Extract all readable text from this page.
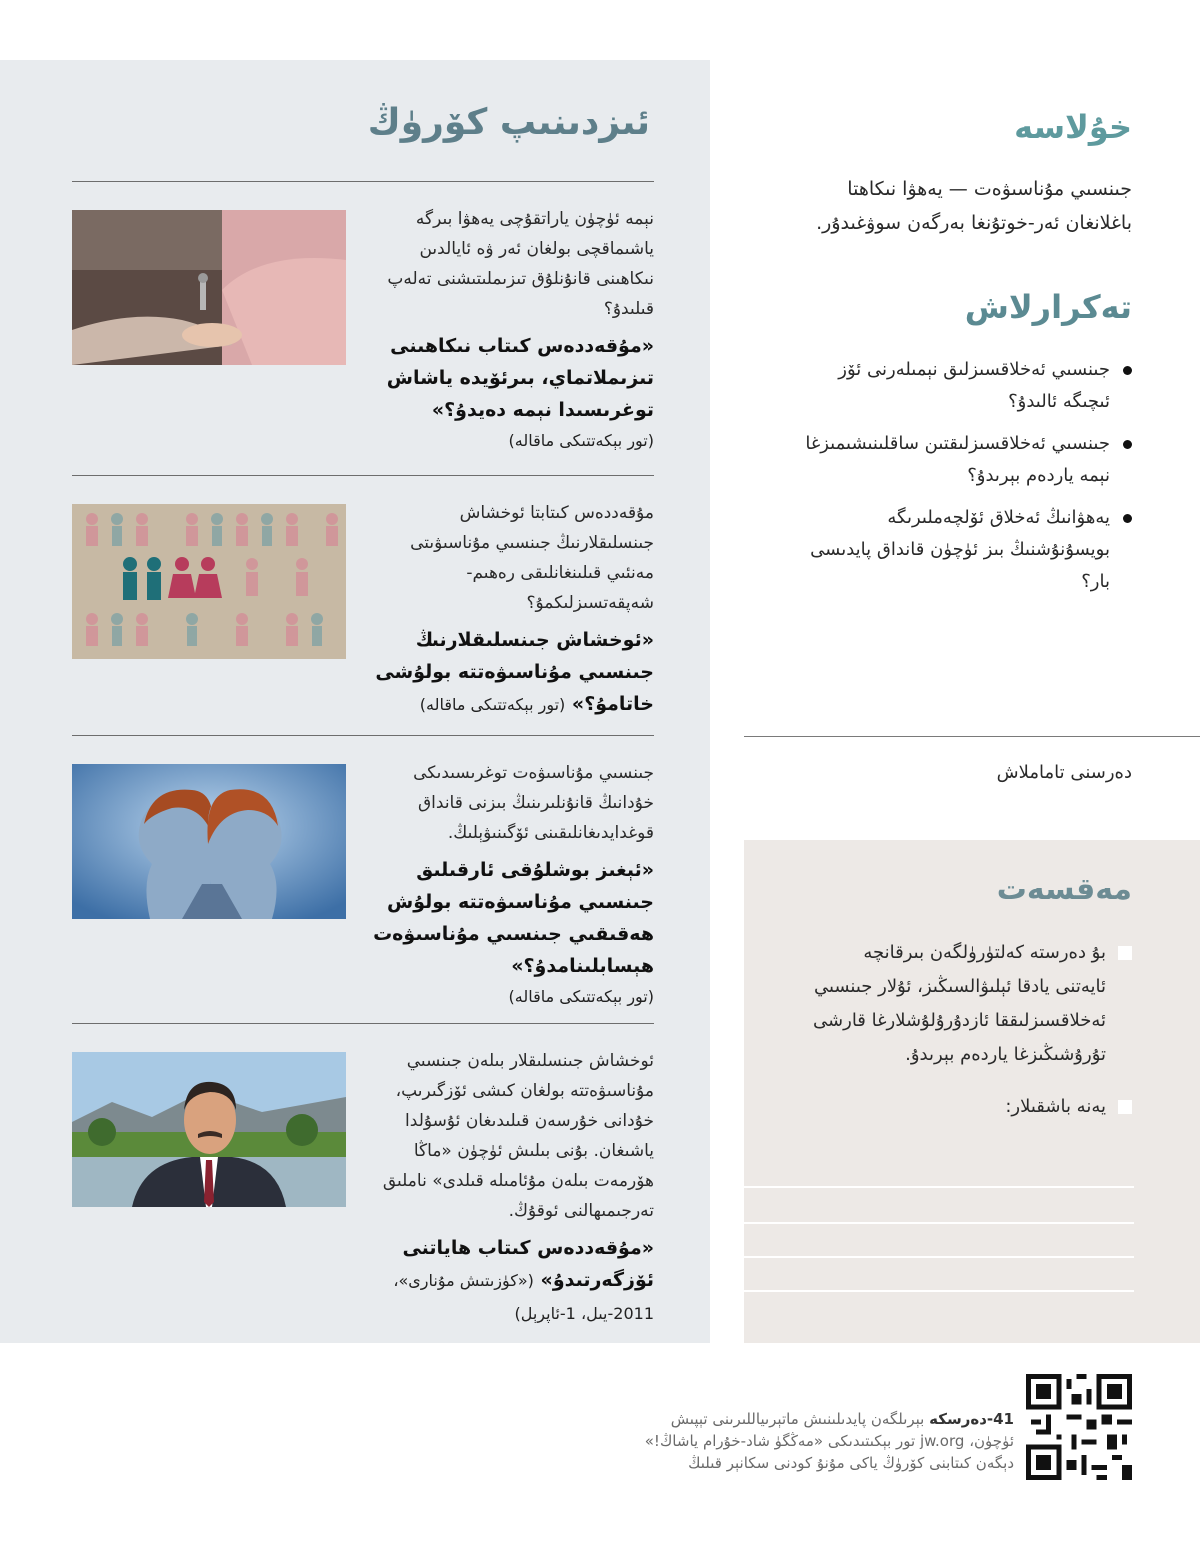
ئىزدىنىپ كۆرۈڭ

نېمە ئۈچۈن ياراتقۇچى يەھۋا بىرگە ياشىماقچى بولغان ئەر ۋە ئايالدىن نىكاھىنى قانۇنلۇق تىزىملىتىشنى تەلەپ قىلىدۇ؟

«مۇقەددەس كىتاب نىكاھىنى تىزىملاتماي، بىرئۆيدە ياشاش توغرىسىدا نېمە دەيدۇ؟»

(تور بېكەتتىكى ماقالە)

مۇقەددەس كىتابتا ئوخشاش جىنسلىقلارنىڭ جىنسىي مۇناسىۋىتى مەنئىي قىلىنغانلىقى رەھىم-شەپقەتسىزلىكمۇ؟

«ئوخشاش جىنسلىقلارنىڭ جىنسىي مۇناسىۋەتتە بولۇشى خاتامۇ؟» (تور بېكەتتىكى ماقالە)

جىنسىي مۇناسىۋەت توغرىسىدىكى خۇدانىڭ قانۇنلىرىنىڭ بىزنى قانداق قوغدايدىغانلىقىنى ئۆگىنىۋېلىڭ.

«ئېغىز بوشلۇقى ئارقىلىق جىنسىي مۇناسىۋەتتە بولۇش ھەقىقىي جىنسىي مۇناسىۋەت ھېسابلىنامدۇ؟»

(تور بېكەتتىكى ماقالە)

ئوخشاش جىنسلىقلار بىلەن جىنسىي مۇناسىۋەتتە بولغان كىشى ئۆزگىرىپ، خۇدانى خۇرسەن قىلىدىغان ئۇسۇلدا ياشىغان. بۇنى بىلىش ئۈچۈن «ماڭا ھۆرمەت بىلەن مۇئامىلە قىلدى» ناملىق تەرجىمىھالنى ئوقۇڭ.

«مۇقەددەس كىتاب ھاياتنى ئۆزگەرتىدۇ» («كۈزىتىش مۇنارى»، 2011-يىل، 1-ئاپرېل)

خۇلاسە

جىنسىي مۇناسىۋەت — يەھۋا نىكاھتا باغلانغان ئەر-خوتۇنغا بەرگەن سوۋغىدۇر.

تەكرارلاش
جىنسىي ئەخلاقسىزلىق نېمىلەرنى ئۆز ئىچىگە ئالىدۇ؟
جىنسىي ئەخلاقسىزلىقتىن ساقلىنىشىمىزغا نېمە ياردەم بېرىدۇ؟
يەھۋانىڭ ئەخلاق ئۆلچەملىرىگە بويسۇنۇشنىڭ بىز ئۈچۈن قانداق پايدىسى بار؟
دەرسنى تاماملاش
مەقسەت
بۇ دەرستە كەلتۈرۈلگەن بىرقانچە ئايەتنى يادقا ئېلىۋالسىڭىز، ئۇلار جىنسىي ئەخلاقسىزلىققا ئازدۇرۇلۇشلارغا قارشى تۇرۇشىڭىزغا ياردەم بېرىدۇ.
يەنە باشقىلار:

41-دەرسكە بېرىلگەن پايدىلىنىش ماتېرىياللىرىنى تېپىش

ئۈچۈن، jw.org تور بېكىتىدىكى «مەڭگۈ شاد-خۇرام ياشاڭ!»

دېگەن كىتابنى كۆرۈڭ ياكى مۇنۇ كودنى سكانېر قىلىڭ
